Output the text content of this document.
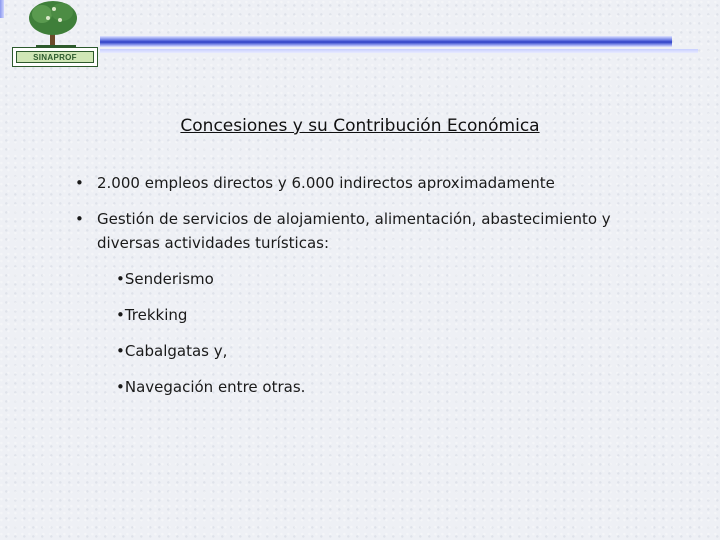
SINAPROF
Concesiones y su Contribución Económica
• 2.000 empleos directos y 6.000 indirectos aproximadamente
• Gestión de servicios de alojamiento, alimentación, abastecimiento y
diversas actividades turísticas:
•Senderismo
•Trekking
•Cabalgatas y,
•Navegación entre otras.
